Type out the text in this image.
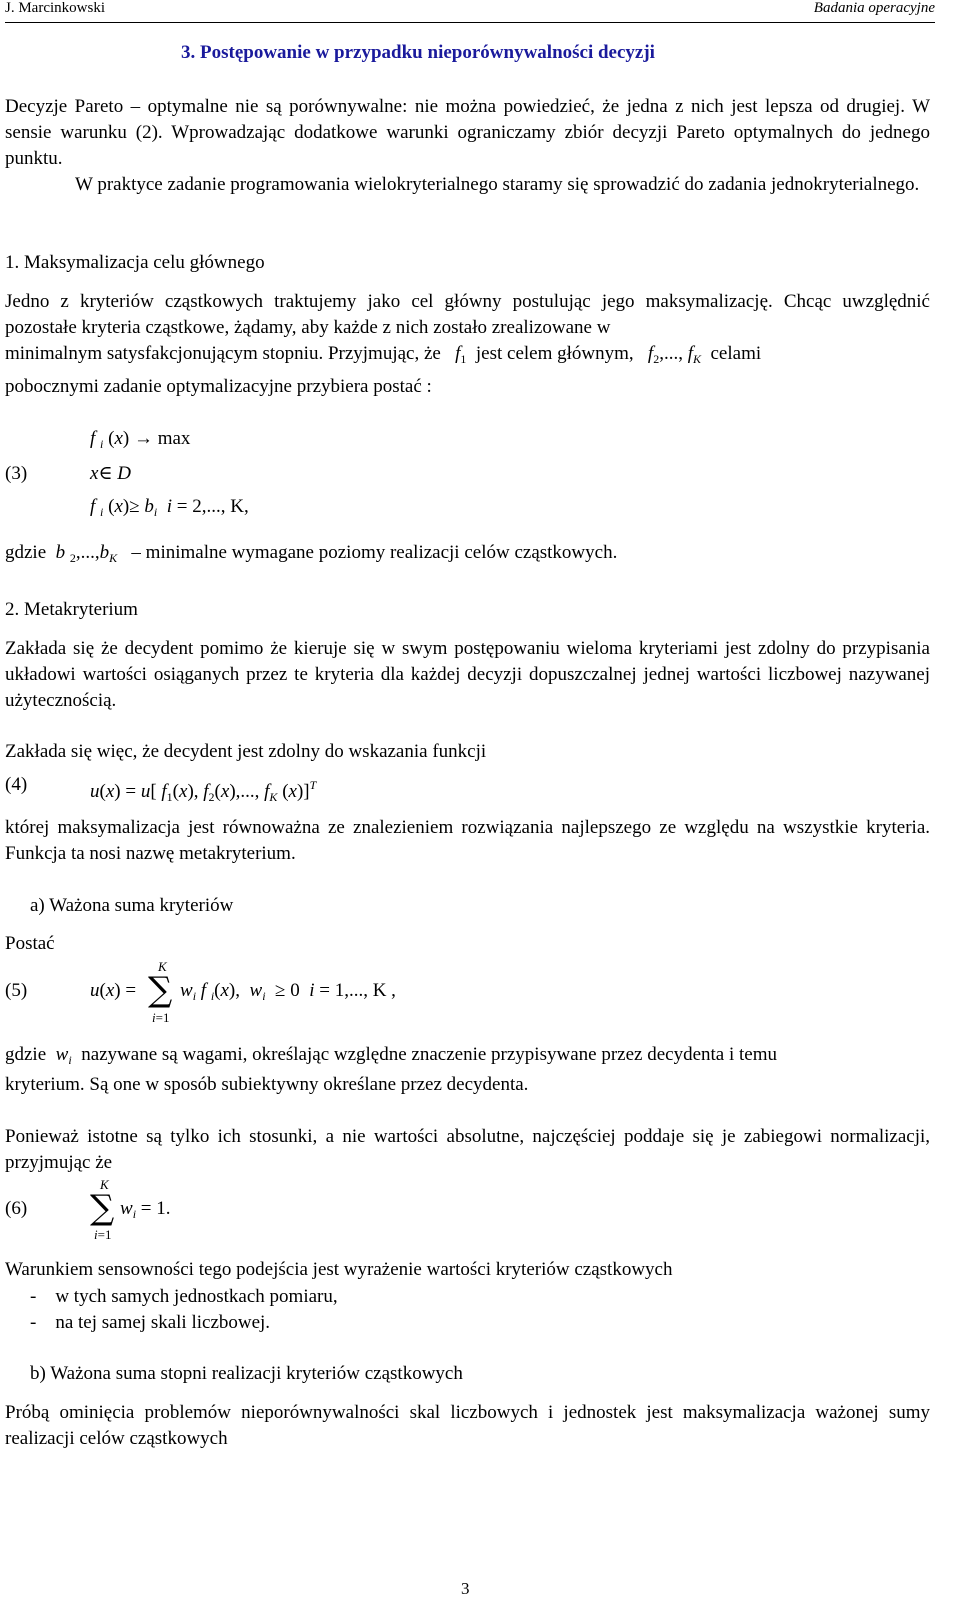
J. Marcinkowski	Badania operacyjne
3. Postępowanie w przypadku nieporównywalności decyzji

Decyzje Pareto – optymalne nie są porównywalne: nie można powiedzieć, że jedna z nich jest lepsza od drugiej. W sensie warunku (2). Wprowadzając dodatkowe warunki ograniczamy zbiór decyzji Pareto optymalnych do jednego punktu.

W praktyce zadanie programowania wielokryterialnego staramy się sprowadzić do zadania jednokryterialnego.

1. Maksymalizacja celu głównego

Jedno z kryteriów cząstkowych traktujemy jako cel główny postulując jego maksymalizację. Chcąc uwzględnić pozostałe kryteria cząstkowe, żądamy, aby każde z nich zostało zrealizowane w

minimalnym satysfakcjonującym stopniu. Przyjmując, że $f_1$ jest celem głównym, $f_2$,..., $f_K$ celami
pobocznymi zadanie optymalizacyjne przybiera postać :
(3)
f $_i$ (x) → max
x∈ D
f $_i$ $(x)\ge b_i$ i = 2,..., K,
gdzie b $_2,...,b_K$   – minimalne wymagane poziomy realizacji celów cząstkowych.
2. Metakryterium

Zakłada się że decydent pomimo że kieruje się w swym postępowaniu wieloma kryteriami jest zdolny do przypisania układowi wartości osiąganych przez te kryteria dla każdej decyzji dopuszczalnej jednej wartości liczbowej nazywanej użytecznością.

Zakłada się więc, że decydent jest zdolny do wskazania funkcji
(4)	u(x) = u[ $f_1(x)$, $f_2(x)$,..., $f_K$ (x)]$^T$

której maksymalizacja jest równoważna ze znalezieniem rozwiązania najlepszego ze względu na wszystkie kryteria. Funkcja ta nosi nazwę metakryterium.

a) Ważona suma kryteriów
Postać
(5)	u(x) =
K
∑
i=1
$w_i$ f $_i$(x),  $w_i \ge 0$ i = 1,..., K ,
gdzie $w_i$ nazywane są wagami, określając względne znaczenie przypisywane przez decydenta i temu
kryterium. Są one w sposób subiektywny określane przez decydenta.

Ponieważ istotne są tylko ich stosunki, a nie wartości absolutne, najczęściej poddaje się je zabiegowi normalizacji, przyjmując że

(6)
K
∑
i=1
$w_i = 1$.
Warunkiem sensowności tego podejścia jest wyrażenie wartości kryteriów cząstkowych
-    w tych samych jednostkach pomiaru,
-    na tej samej skali liczbowej.
b) Ważona suma stopni realizacji kryteriów cząstkowych

Próbą ominięcia problemów nieporównywalności skal liczbowych i jednostek jest maksymalizacja ważonej sumy realizacji celów cząstkowych

3
